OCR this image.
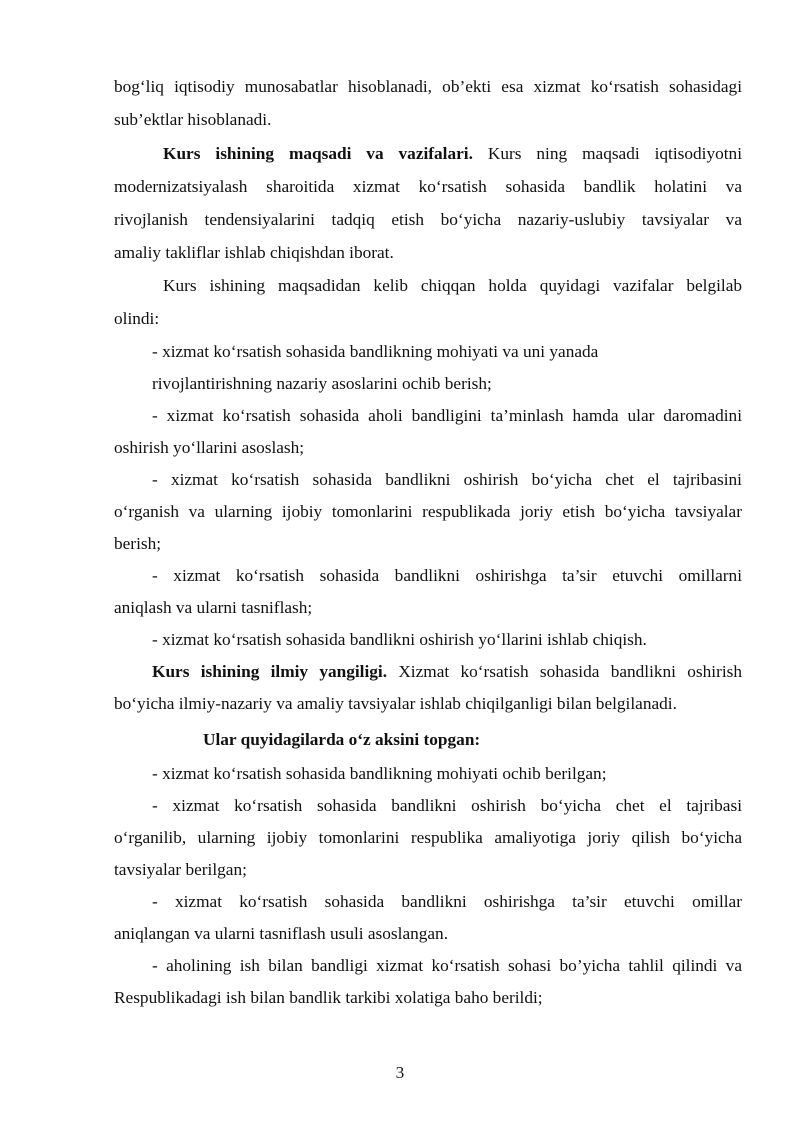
bog‘liq iqtisodiy munosabatlar hisoblanadi, ob’ekti esa xizmat ko‘rsatish sohasidagi
sub’ektlar hisoblanadi.
Kurs ishining maqsadi va vazifalari. Kurs ning maqsadi iqtisodiyotni
modernizatsiyalash sharoitida xizmat ko‘rsatish sohasida bandlik holatini va
rivojlanish tendensiyalarini tadqiq etish bo‘yicha nazariy-uslubiy tavsiyalar va
amaliy takliflar ishlab chiqishdan iborat.
Kurs ishining maqsadidan kelib chiqqan holda quyidagi vazifalar belgilab
olindi:
- xizmat ko‘rsatish sohasida bandlikning mohiyati va uni yanada
rivojlantirishning nazariy asoslarini ochib berish;
- xizmat ko‘rsatish sohasida aholi bandligini ta’minlash hamda ular daromadini
oshirish yo‘llarini asoslash;
- xizmat ko‘rsatish sohasida bandlikni oshirish bo‘yicha chet el tajribasini
o‘rganish va ularning ijobiy tomonlarini respublikada joriy etish bo‘yicha tavsiyalar
berish;
- xizmat ko‘rsatish sohasida bandlikni oshirishga ta’sir etuvchi omillarni
aniqlash va ularni tasniflash;
- xizmat ko‘rsatish sohasida bandlikni oshirish yo‘llarini ishlab chiqish.
Kurs ishining ilmiy yangiligi. Xizmat ko‘rsatish sohasida bandlikni oshirish
bo‘yicha ilmiy-nazariy va amaliy tavsiyalar ishlab chiqilganligi bilan belgilanadi.
Ular quyidagilarda o‘z aksini topgan:
- xizmat ko‘rsatish sohasida bandlikning mohiyati ochib berilgan;
- xizmat ko‘rsatish sohasida bandlikni oshirish bo‘yicha chet el tajribasi
o‘rganilib, ularning ijobiy tomonlarini respublika amaliyotiga joriy qilish bo‘yicha
tavsiyalar berilgan;
- xizmat ko‘rsatish sohasida bandlikni oshirishga ta’sir etuvchi omillar
aniqlangan va ularni tasniflash usuli asoslangan.
- aholining ish bilan bandligi xizmat ko‘rsatish sohasi bo’yicha tahlil qilindi va
Respublikadagi ish bilan bandlik tarkibi xolatiga baho berildi;
3
